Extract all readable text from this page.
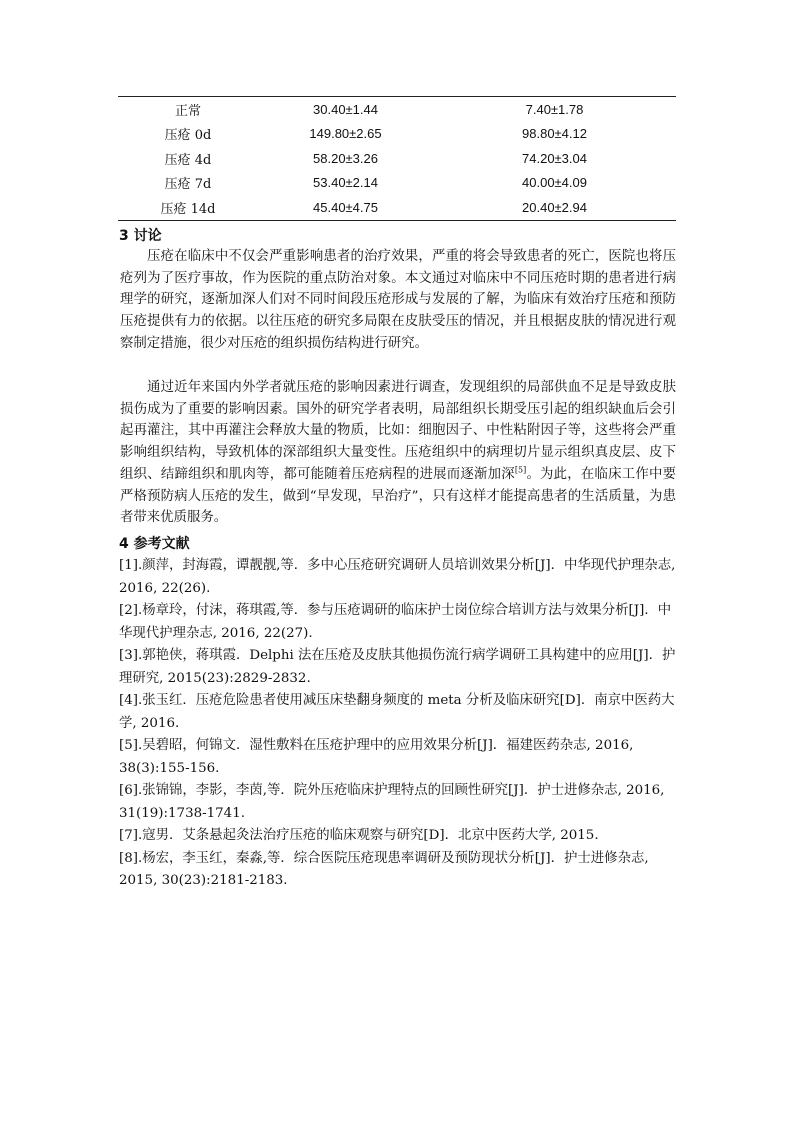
正常	30.40±1.44	7.40±1.78
压疮 0d	149.80±2.65	98.80±4.12
压疮 4d	58.20±3.26	74.20±3.04
压疮 7d	53.40±2.14	40.00±4.09
压疮 14d	45.40±4.75	20.40±2.94
3 讨论

压疮在临床中不仅会严重影响患者的治疗效果，严重的将会导致患者的死亡，医院也将压疮列为了医疗事故，作为医院的重点防治对象。本文通过对临床中不同压疮时期的患者进行病理学的研究，逐渐加深人们对不同时间段压疮形成与发展的了解，为临床有效治疗压疮和预防压疮提供有力的依据。以往压疮的研究多局限在皮肤受压的情况，并且根据皮肤的情况进行观察制定措施，很少对压疮的组织损伤结构进行研究。

通过近年来国内外学者就压疮的影响因素进行调查，发现组织的局部供血不足是导致皮肤损伤成为了重要的影响因素。国外的研究学者表明，局部组织长期受压引起的组织缺血后会引起再灌注，其中再灌注会释放大量的物质，比如：细胞因子、中性粘附因子等，这些将会严重影响组织结构，导致机体的深部组织大量变性。压疮组织中的病理切片显示组织真皮层、皮下组织、结蹄组织和肌肉等，都可能随着压疮病程的进展而逐渐加深[5]。为此，在临床工作中要严格预防病人压疮的发生，做到“早发现，早治疗”，只有这样才能提高患者的生活质量，为患者带来优质服务。

4 参考文献
[1].颜萍，封海霞，谭靓靓,等．多中心压疮研究调研人员培训效果分析[J]．中华现代护理杂志, 2016, 22(26).
[2].杨章玲，付沫，蒋琪霞,等．参与压疮调研的临床护士岗位综合培训方法与效果分析[J]．中华现代护理杂志, 2016, 22(27).
[3].郭艳侠，蒋琪霞．Delphi 法在压疮及皮肤其他损伤流行病学调研工具构建中的应用[J]．护理研究, 2015(23):2829-2832.
[4].张玉红．压疮危险患者使用减压床垫翻身频度的 meta 分析及临床研究[D]．南京中医药大学, 2016.
[5].吴碧昭，何锦文．湿性敷料在压疮护理中的应用效果分析[J]．福建医药杂志, 2016, 38(3):155-156.
[6].张锦锦，李影，李茵,等．院外压疮临床护理特点的回顾性研究[J]．护士进修杂志, 2016, 31(19):1738-1741.
[7].寇男．艾条悬起灸法治疗压疮的临床观察与研究[D]．北京中医药大学, 2015.
[8].杨宏，李玉红，秦淼,等．综合医院压疮现患率调研及预防现状分析[J]．护士进修杂志, 2015, 30(23):2181-2183.
